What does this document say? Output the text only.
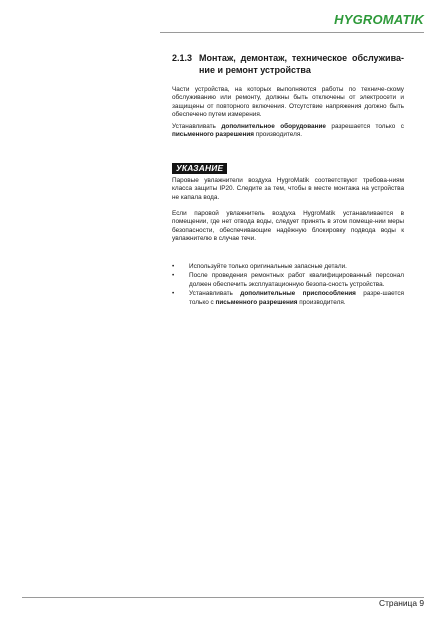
HYGROMATIK
2.1.3 Монтаж, демонтаж, техническое обслужива-ние и ремонт устройства

Части устройства, на которых выполняются работы по техниче-скому обслуживанию или ремонту, должны быть отключены от электросети и защищены от повторного включения. Отсутствие напряжения должно быть обеспечено путем измерения.

Устанавливать дополнительное оборудование разрешается только с письменного разрешения производителя.

УКАЗАНИЕ

Паровые увлажнители воздуха HygroMatik соответствуют требова-ниям класса защиты IP20. Следите за тем, чтобы в месте монтажа на устройства не капала вода.

Если паровой увлажнитель воздуха HygroMatik устанавливается в помещении, где нет отвода воды, следует принять в этом помеще-нии меры безопасности, обеспечивающие надёжную блокировку подвода воды к увлажнителю в случае течи.

• Используйте только оригинальные запасные детали.
• После проведения ремонтных работ квалифицированный персонал должен обеспечить эксплуатационную безопа-сность устройства.
• Устанавливать дополнительные приспособления разре-шается только с письменного разрешения производителя.
Страница 9
